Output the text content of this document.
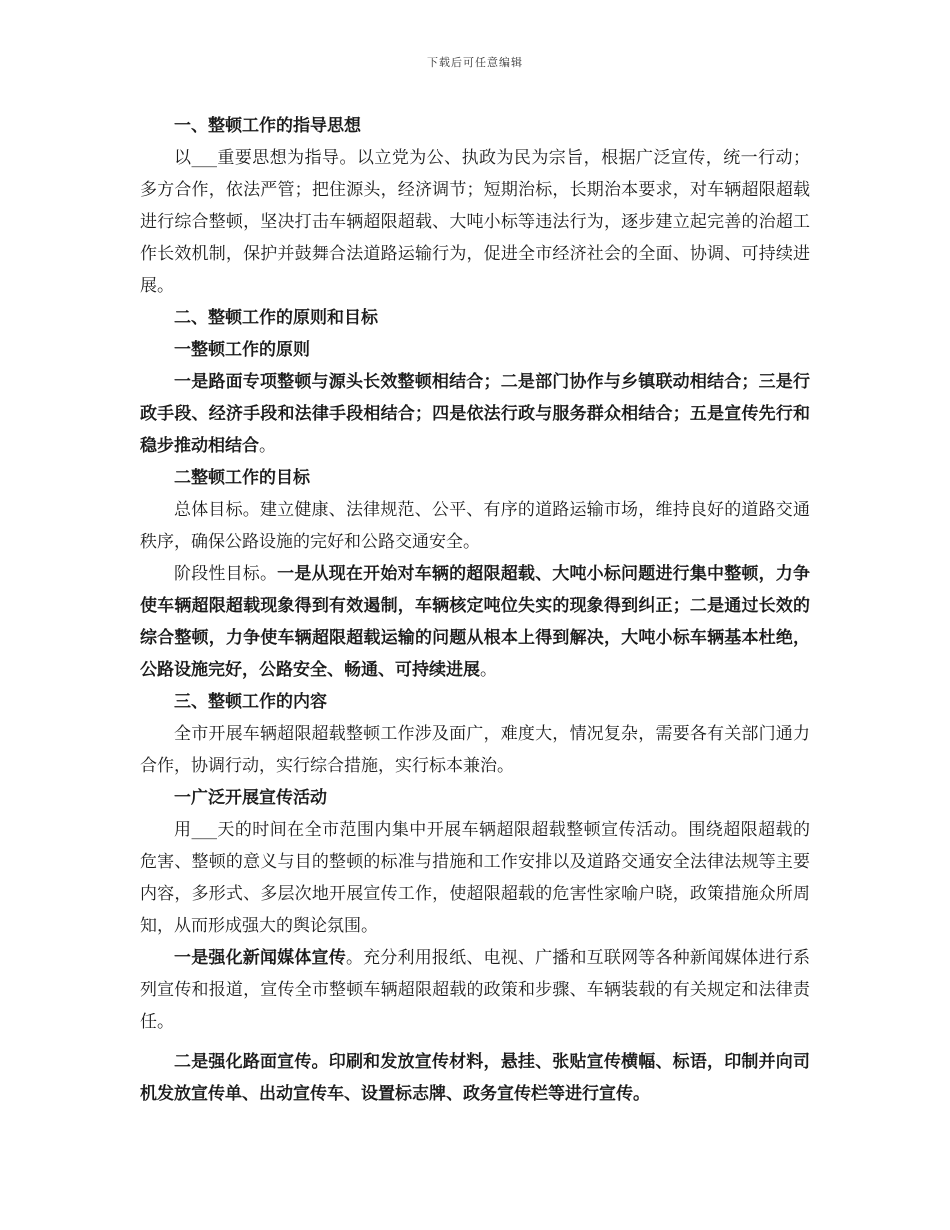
下载后可任意编辑

一、整顿工作的指导思想

以___重要思想为指导。以立党为公、执政为民为宗旨，根据广泛宣传，统一行动；多方合作，依法严管；把住源头，经济调节；短期治标，长期治本要求，对车辆超限超载进行综合整顿，坚决打击车辆超限超载、大吨小标等违法行为，逐步建立起完善的治超工作长效机制，保护并鼓舞合法道路运输行为，促进全市经济社会的全面、协调、可持续进展。

二、整顿工作的原则和目标

一整顿工作的原则

一是路面专项整顿与源头长效整顿相结合；二是部门协作与乡镇联动相结合；三是行政手段、经济手段和法律手段相结合；四是依法行政与服务群众相结合；五是宣传先行和稳步推动相结合。

二整顿工作的目标

总体目标。建立健康、法律规范、公平、有序的道路运输市场，维持良好的道路交通秩序，确保公路设施的完好和公路交通安全。

阶段性目标。一是从现在开始对车辆的超限超载、大吨小标问题进行集中整顿，力争使车辆超限超载现象得到有效遏制，车辆核定吨位失实的现象得到纠正；二是通过长效的综合整顿，力争使车辆超限超载运输的问题从根本上得到解决，大吨小标车辆基本杜绝，公路设施完好，公路安全、畅通、可持续进展。

三、整顿工作的内容

全市开展车辆超限超载整顿工作涉及面广，难度大，情况复杂，需要各有关部门通力合作，协调行动，实行综合措施，实行标本兼治。

一广泛开展宣传活动

用___天的时间在全市范围内集中开展车辆超限超载整顿宣传活动。围绕超限超载的危害、整顿的意义与目的整顿的标准与措施和工作安排以及道路交通安全法律法规等主要内容，多形式、多层次地开展宣传工作，使超限超载的危害性家喻户晓，政策措施众所周知，从而形成强大的舆论氛围。

一是强化新闻媒体宣传。充分利用报纸、电视、广播和互联网等各种新闻媒体进行系列宣传和报道，宣传全市整顿车辆超限超载的政策和步骤、车辆装载的有关规定和法律责任。

二是强化路面宣传。印刷和发放宣传材料，悬挂、张贴宣传横幅、标语，印制并向司机发放宣传单、出动宣传车、设置标志牌、政务宣传栏等进行宣传。
